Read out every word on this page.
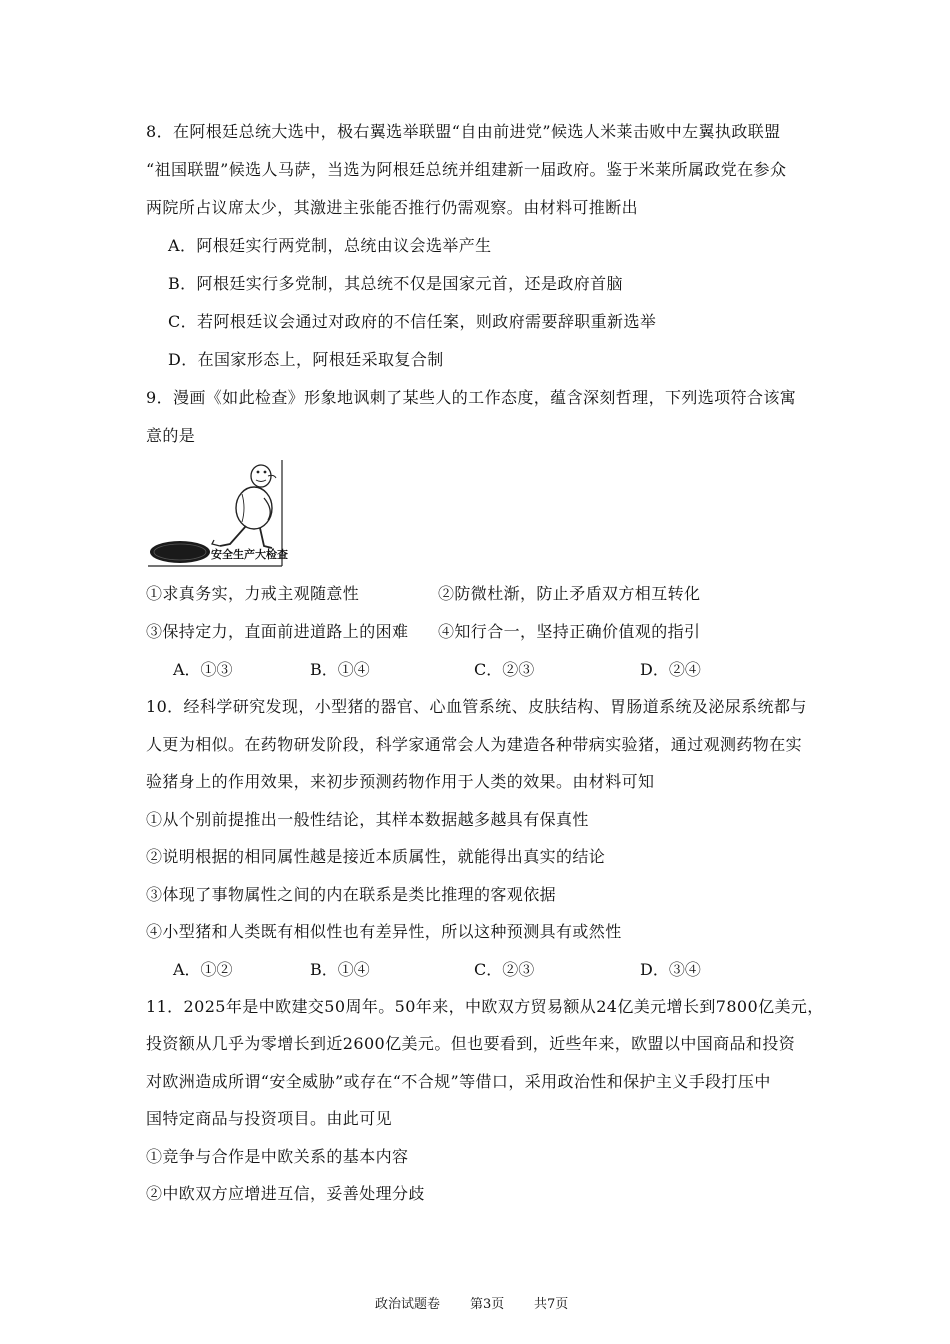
8．在阿根廷总统大选中，极右翼选举联盟“自由前进党”候选人米莱击败中左翼执政联盟
“祖国联盟”候选人马萨，当选为阿根廷总统并组建新一届政府。鉴于米莱所属政党在参众
两院所占议席太少，其激进主张能否推行仍需观察。由材料可推断出
A．阿根廷实行两党制，总统由议会选举产生
B．阿根廷实行多党制，其总统不仅是国家元首，还是政府首脑
C．若阿根廷议会通过对政府的不信任案，则政府需要辞职重新选举
D．在国家形态上，阿根廷采取复合制
9．漫画《如此检查》形象地讽刺了某些人的工作态度，蕴含深刻哲理，下列选项符合该寓
意的是
安全生产大检查
①求真务实，力戒主观随意性	②防微杜渐，防止矛盾双方相互转化
③保持定力，直面前进道路上的困难 ④知行合一，坚持正确价值观的指引
A．①③	B．①④	C．②③	D．②④
10．经科学研究发现，小型猪的器官、心血管系统、皮肤结构、胃肠道系统及泌尿系统都与
人更为相似。在药物研发阶段，科学家通常会人为建造各种带病实验猪，通过观测药物在实
验猪身上的作用效果，来初步预测药物作用于人类的效果。由材料可知
①从个别前提推出一般性结论，其样本数据越多越具有保真性
②说明根据的相同属性越是接近本质属性，就能得出真实的结论
③体现了事物属性之间的内在联系是类比推理的客观依据
④小型猪和人类既有相似性也有差异性，所以这种预测具有或然性
A．①②	B．①④	C．②③	D．③④
11．2025年是中欧建交50周年。50年来，中欧双方贸易额从24亿美元增长到7800亿美元，
投资额从几乎为零增长到近2600亿美元。但也要看到，近些年来，欧盟以中国商品和投资
对欧洲造成所谓“安全威胁”或存在“不合规”等借口，采用政治性和保护主义手段打压中
国特定商品与投资项目。由此可见
①竞争与合作是中欧关系的基本内容
②中欧双方应增进互信，妥善处理分歧
政治试题卷 第3页 共7页
